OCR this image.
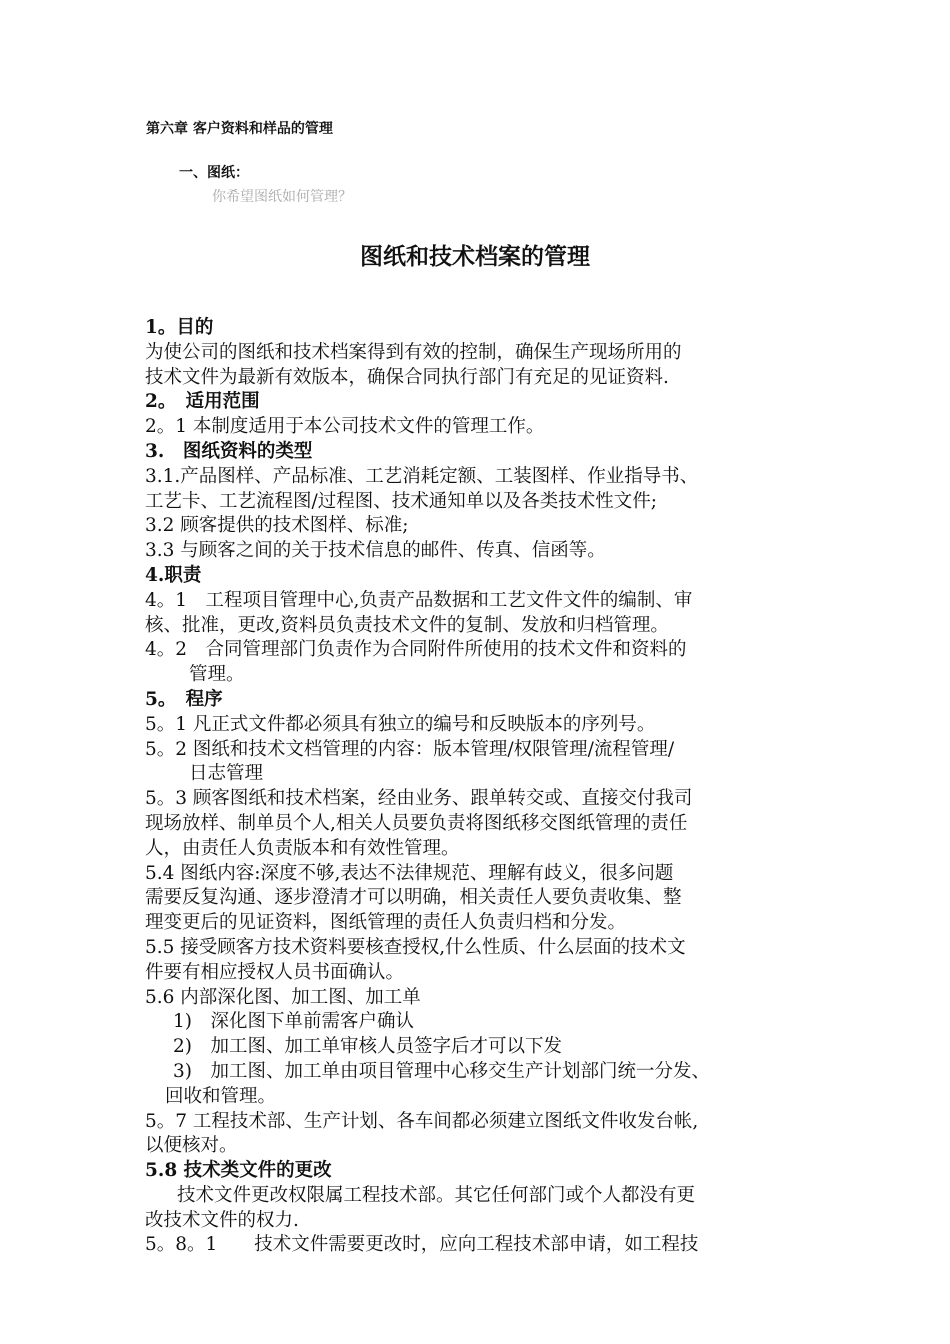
第六章 客户资料和样品的管理
一、图纸：
你希望图纸如何管理？
图纸和技术档案的管理
1。目的
为使公司的图纸和技术档案得到有效的控制，确保生产现场所用的
技术文件为最新有效版本，确保合同执行部门有充足的见证资料.
2。　适用范围
2。1 本制度适用于本公司技术文件的管理工作。
3.　图纸资料的类型
3.1.产品图样、产品标准、工艺消耗定额、工装图样、作业指导书、
工艺卡、工艺流程图/过程图、技术通知单以及各类技术性文件;
3.2 顾客提供的技术图样、标准;
3.3 与顾客之间的关于技术信息的邮件、传真、信函等。
4.职责
4。1　工程项目管理中心,负责产品数据和工艺文件文件的编制、审
核、批准，更改,资料员负责技术文件的复制、发放和归档管理。
4。2　合同管理部门负责作为合同附件所使用的技术文件和资料的
管理。
5。　程序
5。1 凡正式文件都必须具有独立的编号和反映版本的序列号。
5。2 图纸和技术文档管理的内容：版本管理/权限管理/流程管理/
日志管理
5。3 顾客图纸和技术档案，经由业务、跟单转交或、直接交付我司
现场放样、制单员个人,相关人员要负责将图纸移交图纸管理的责任
人，由责任人负责版本和有效性管理。
5.4 图纸内容:深度不够,表达不法律规范、理解有歧义，很多问题
需要反复沟通、逐步澄清才可以明确，相关责任人要负责收集、整
理变更后的见证资料，图纸管理的责任人负责归档和分发。
5.5 接受顾客方技术资料要核查授权,什么性质、什么层面的技术文
件要有相应授权人员书面确认。
5.6 内部深化图、加工图、加工单
1)　深化图下单前需客户确认
2)　加工图、加工单审核人员签字后才可以下发
3)　加工图、加工单由项目管理中心移交生产计划部门统一分发、
回收和管理。
5。7 工程技术部、生产计划、各车间都必须建立图纸文件收发台帐,
以便核对。
5.8 技术类文件的更改
技术文件更改权限属工程技术部。其它任何部门或个人都没有更
改技术文件的权力.
5。8。1　　技术文件需要更改时，应向工程技术部申请，如工程技
